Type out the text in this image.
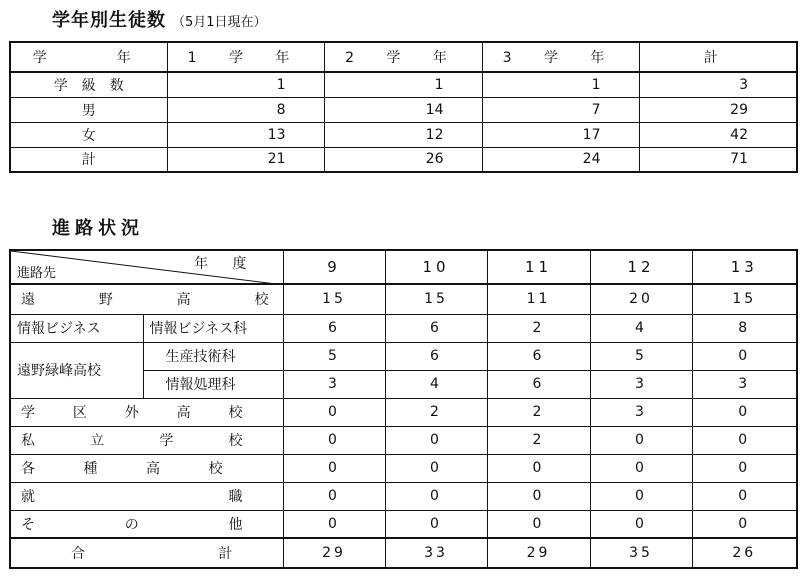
学年別生徒数 （5月1日現在）
学　　年	1 学 年	2 学 年	3 学 年	計
学　級　数	1	1	1	3
男	8	14	7	29
女	13	12	17	42
計	21	26	24	71
進路状況
年 度
進路先		9	10	11	12	13

遠 野 高 校		15	15	11	20	15
情報ビジネス	情報ビジネス科	6	6	2	4	8
遠野緑峰高校	生産技術科	5	6	6	5	0
	情報処理科	3	4	6	3	3

学 区 外 高 校		0	2	2	3	0

私 立 学 校		0	0	2	0	0

各 種 高 校		0	0	0	0	0

就 職		0	0	0	0	0

そ の 他		0	0	0	0	0

合 計		29	33	29	35	26
